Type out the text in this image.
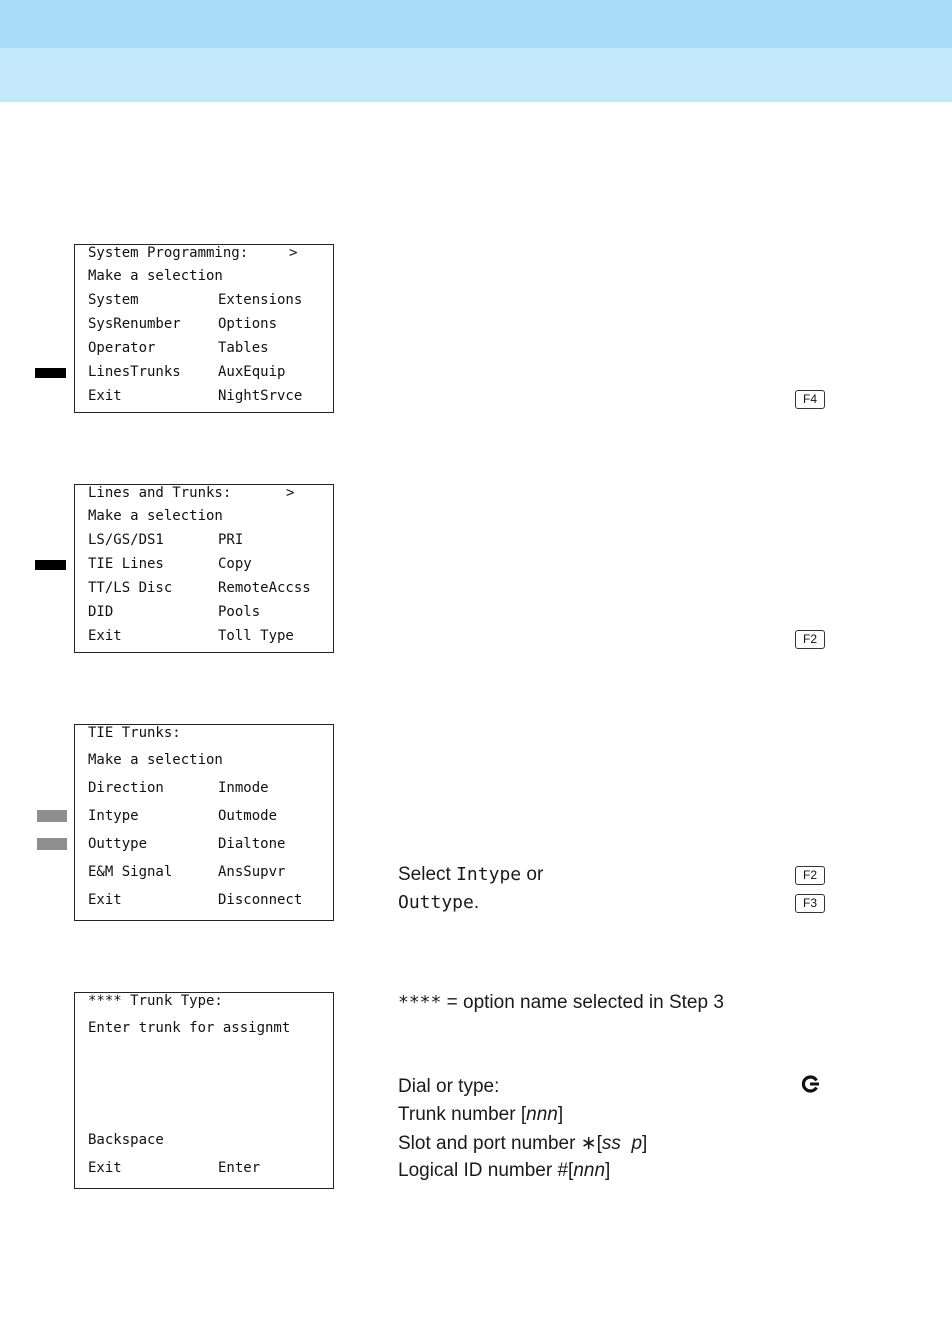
System Programming:	>
Make a selection
System	Extensions
SysRenumber	Options
Operator	Tables
LinesTrunks	AuxEquip
Exit	NightSrvce	F4
Lines and Trunks:	>
Make a selection
LS/GS/DS1	PRI
TIE Lines	Copy
TT/LS Disc	RemoteAccss
DID	Pools
Exit	Toll Type	F2
TIE Trunks:
Make a selection
Direction	Inmode
Intype	Outmode
Outtype	Dialtone
E&M Signal	AnsSupvr
Exit	Disconnect
Select Intype or
Outtype.
F2
F3
**** Trunk Type:
Enter trunk for assignmt
Backspace
Exit	Enter
**** = option name selected in Step 3
Dial or type:
Trunk number [nnn]
Slot and port number ∗[ss  p]
Logical ID number #[nnn]
